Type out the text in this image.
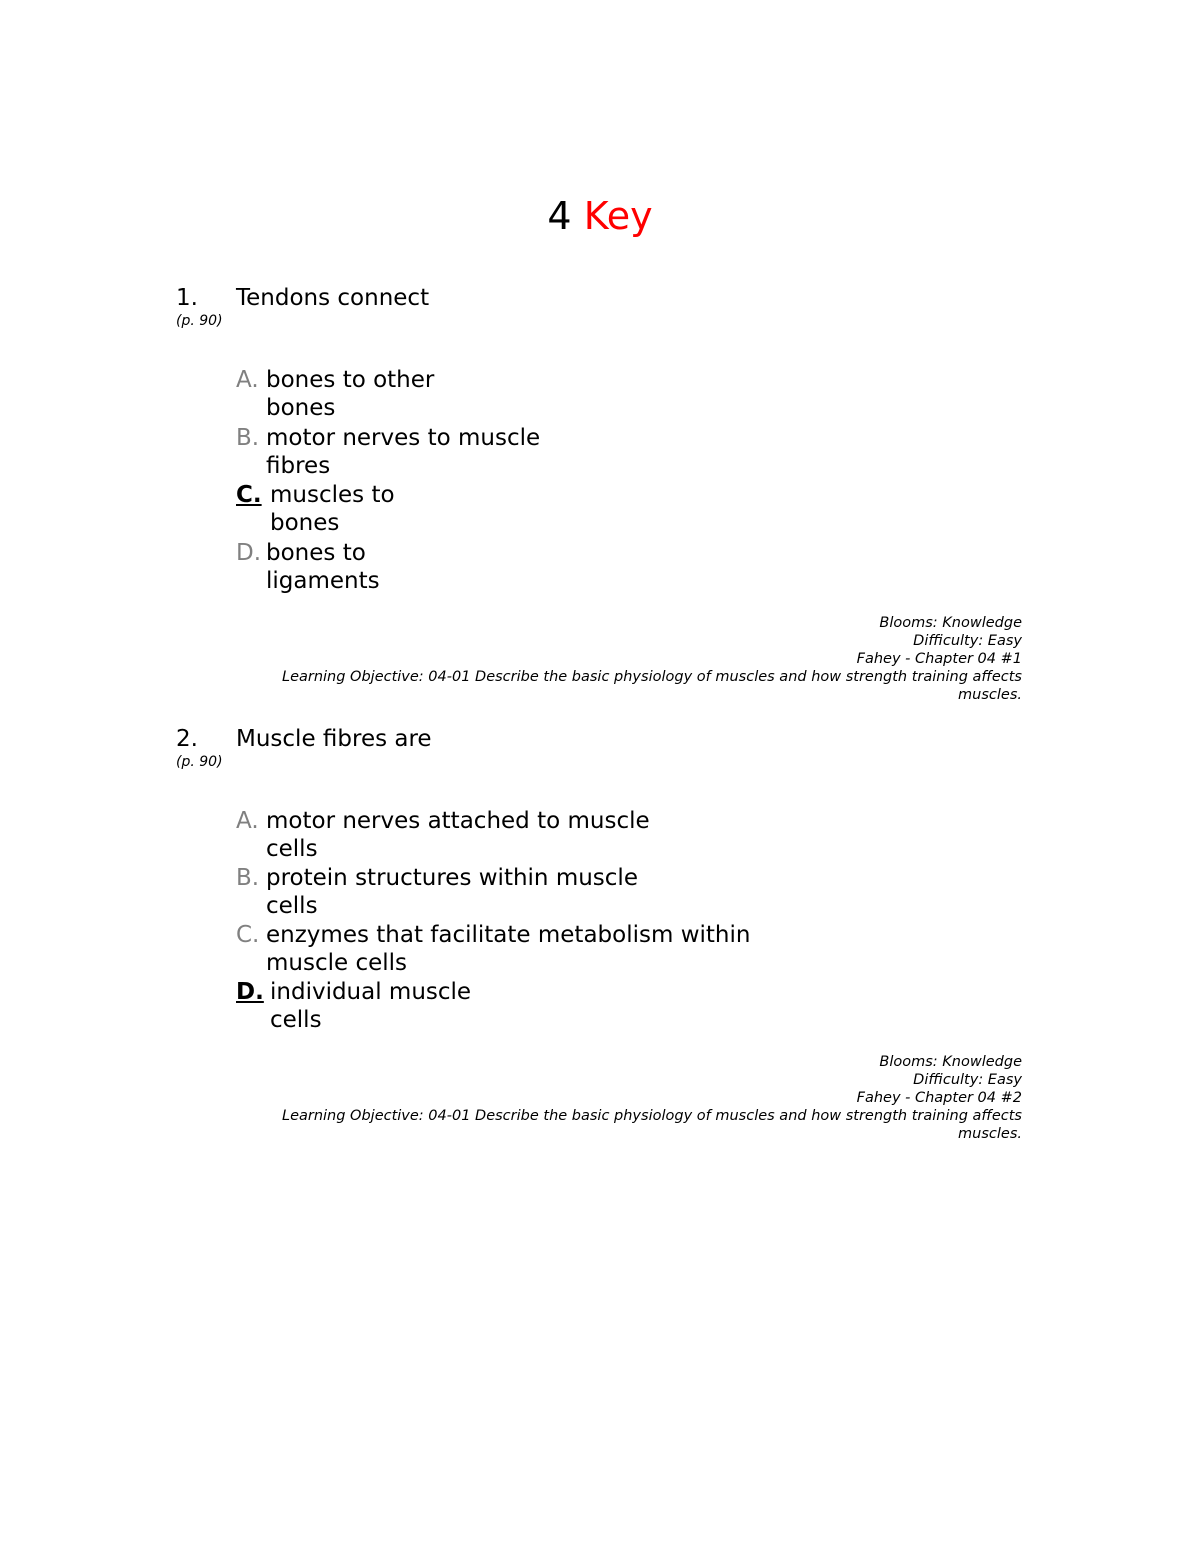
4 Key
1. Tendons connect
(p. 90)
A. bones to other
bones
B. motor nerves to muscle
fibres
C. muscles to
bones
D. bones to
ligaments
Blooms: Knowledge
Difficulty: Easy
Fahey - Chapter 04 #1
Learning Objective: 04-01 Describe the basic physiology of muscles and how strength training affects
muscles.
2. Muscle fibres are
(p. 90)
A. motor nerves attached to muscle
cells
B. protein structures within muscle
cells
C. enzymes that facilitate metabolism within
muscle cells
D. individual muscle
cells
Blooms: Knowledge
Difficulty: Easy
Fahey - Chapter 04 #2
Learning Objective: 04-01 Describe the basic physiology of muscles and how strength training affects
muscles.
